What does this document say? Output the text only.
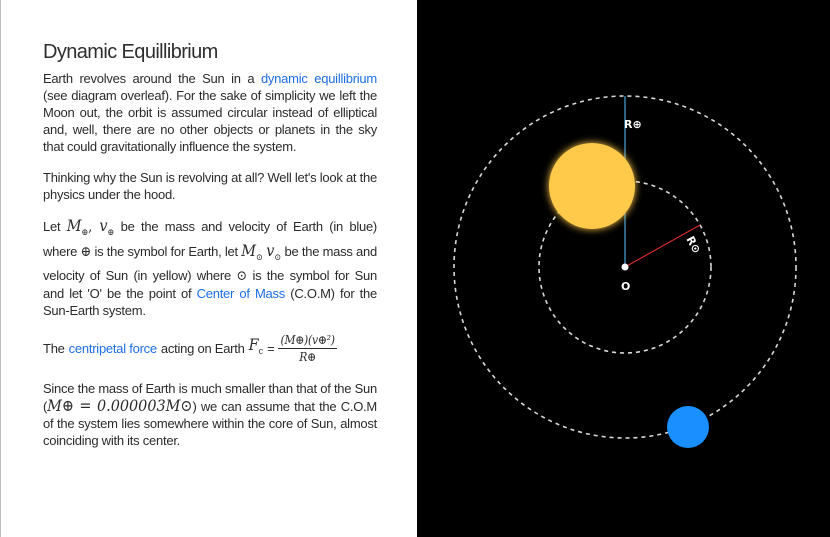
Dynamic Equillibrium

Earth revolves around the Sun in a dynamic equillibrium (see diagram overleaf). For the sake of simplicity we left the Moon out, the orbit is assumed circular instead of elliptical and, well, there are no other objects or planets in the sky that could gravitationally influence the system.

Thinking why the Sun is revolving at all? Well let's look at the physics under the hood.

Let $M_\oplus$, $v_\oplus$ be the mass and velocity of Earth (in blue) where ⊕ is the symbol for Earth, let $M_⊙$ $v_⊙$ be the mass and velocity of Sun (in yellow) where ⊙ is the symbol for Sun and let 'O' be the point of Center of Mass (C.O.M) for the Sun-Earth system.

The centripetal force acting on Earth $F_c = \frac{\text{(M⊕)(v⊕²)}}{R\oplus}$

Since the mass of Earth is much smaller than that of the Sun (M⊕ = 0.000003M⊙) we can assume that the C.O.M of the system lies somewhere within the core of Sun, almost coinciding with its center.

R⊕
R⊙
O
